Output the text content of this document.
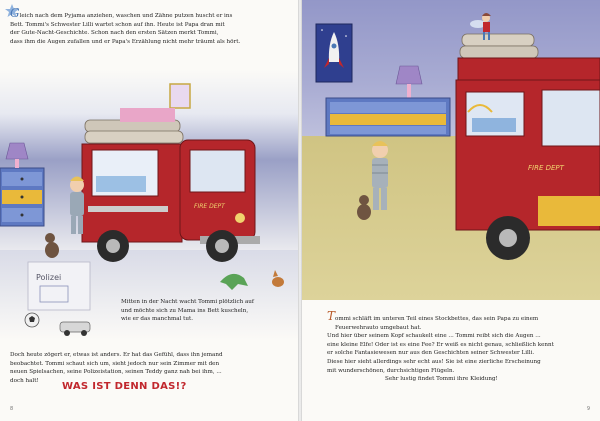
FIRE DEPT
Polizei
Gleich nach dem Pyjama anziehen, waschen und Zähne putzen huscht er ins
Bett. Tommi's Schwester Lilli wartet schon auf ihn. Heute ist Papa dran mit
der Gute-Nacht-Geschichte. Schon nach den ersten Sätzen merkt Tommi,
dass ihm die Augen zufallen und er Papa's Erzählung nicht mehr träumt als hört.
Mitten in der Nacht wacht Tommi plötzlich auf
und möchte sich zu Mama ins Bett kuscheln,
wie er das manchmal tut.
Doch heute zögert er, etwas ist anders. Er hat das Gefühl, dass ihn jemand
beobachtet. Tommi schaut sich um, sieht jedoch nur sein Zimmer mit den
neuen Spielsachen, seine Polizeistation, seinen Teddy ganz nah bei ihm, ...
doch halt!
WAS IST DENN DAS!?
8
FIRE DEPT
Tommi schläft im unteren Teil eines Stockbettes, das sein Papa zu einem
Feuerwehrauto umgebaut hat.
Und hier über seinem Kopf schaukelt eine ... Tommi reibt sich die Augen ...
eine kleine Elfe! Oder ist es eine Fee? Er weiß es nicht genau, schließlich kennt
er solche Fantasiewesen nur aus den Geschichten seiner Schwester Lilli.
Diese hier sieht allerdings sehr echt aus! Sie ist eine zierliche Erscheinung
mit wunderschönen, durchsichtigen Flügeln.
Sehr lustig findet Tommi ihre Kleidung!
9
